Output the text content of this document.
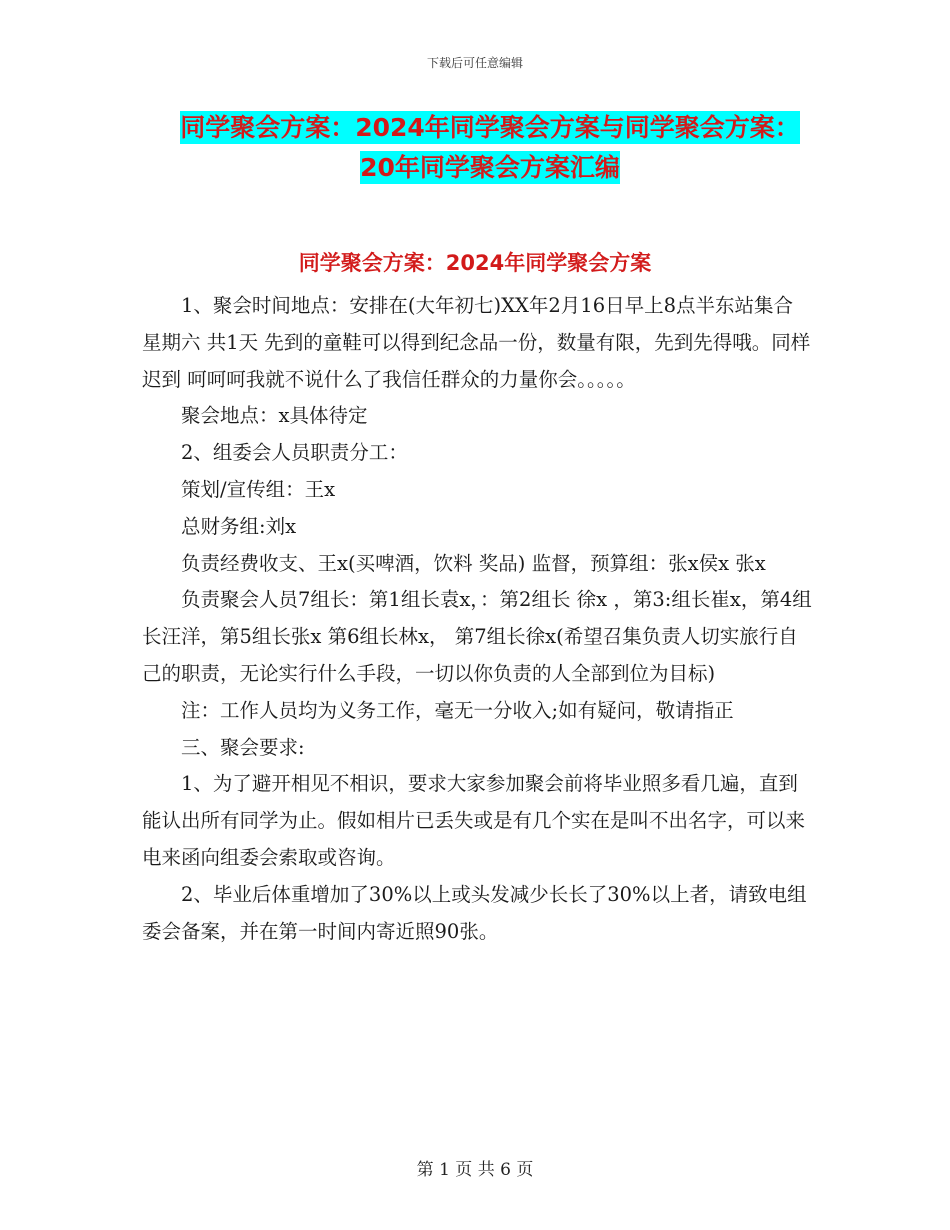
下载后可任意编辑
同学聚会方案：2024年同学聚会方案与同学聚会方案：
20年同学聚会方案汇编
同学聚会方案：2024年同学聚会方案

1、聚会时间地点：安排在(大年初七)XX年2月16日早上8点半东站集合 星期六 共1天 先到的童鞋可以得到纪念品一份，数量有限，先到先得哦。同样迟到 呵呵呵我就不说什么了我信任群众的力量你会。。。。。

聚会地点：x具体待定

2、组委会人员职责分工：

策划/宣传组：王x

总财务组:刘x

负责经费收支、王x(买啤酒，饮料 奖品) 监督，预算组：张x侯x 张x

负责聚会人员7组长：第1组长袁x，：第2组长 徐x ，第3:组长崔x，第4组长汪洋，第5组长张x 第6组长林x， 第7组长徐x(希望召集负责人切实旅行自己的职责，无论实行什么手段，一切以你负责的人全部到位为目标)

注：工作人员均为义务工作，毫无一分收入;如有疑问，敬请指正

三、聚会要求:

1、为了避开相见不相识，要求大家参加聚会前将毕业照多看几遍，直到能认出所有同学为止。假如相片已丢失或是有几个实在是叫不出名字，可以来电来函向组委会索取或咨询。

2、毕业后体重增加了30%以上或头发减少长长了30%以上者，请致电组委会备案，并在第一时间内寄近照90张。

第 1 页 共 6 页
